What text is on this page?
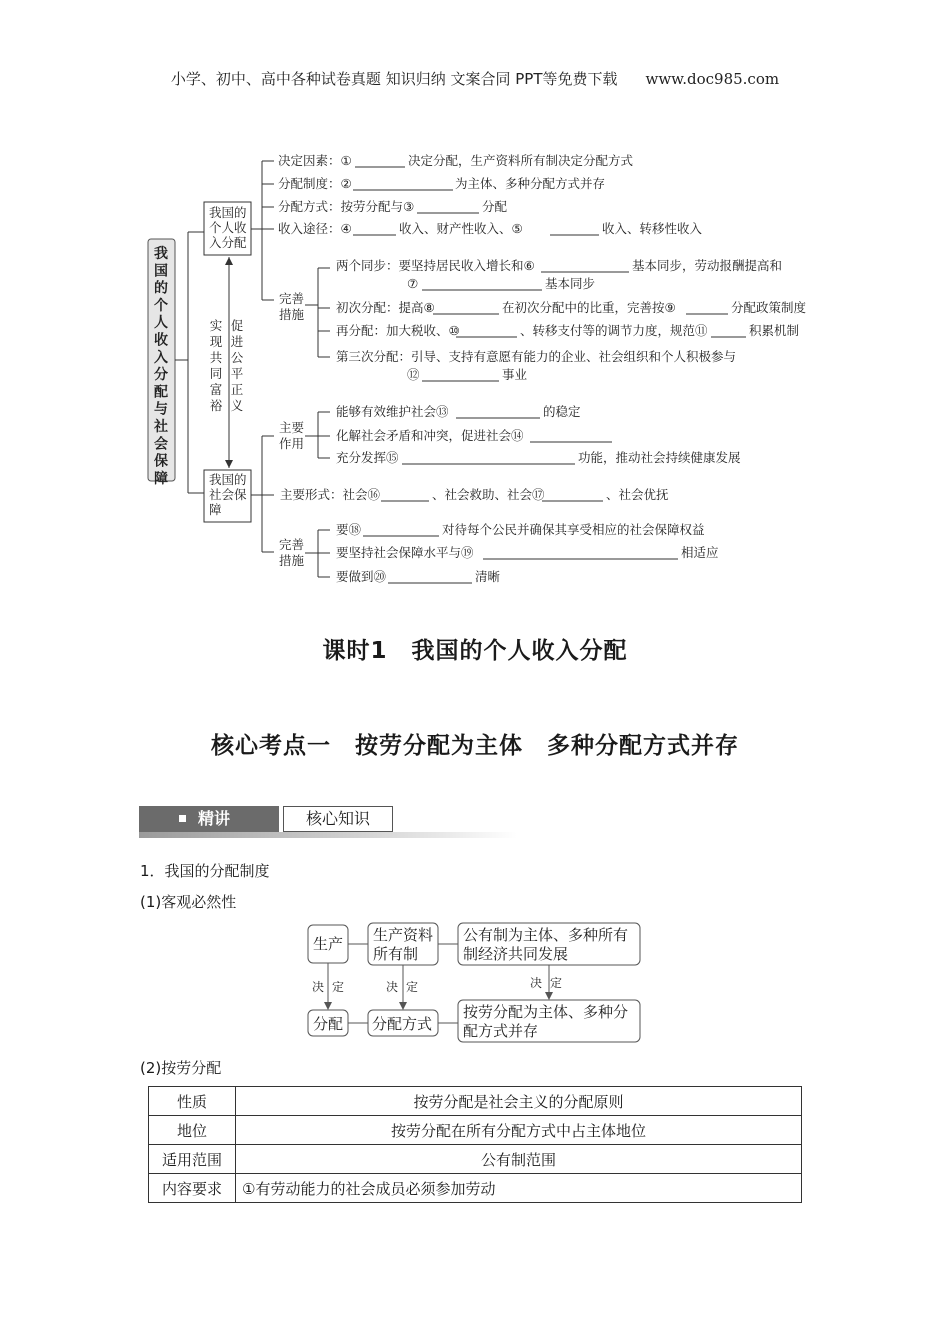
小学、初中、高中各种试卷真题 知识归纳 文案合同 PPT等免费下载 www.doc985.com
我国的个人收入分配与社会保障
我国的个人收入分配
我国的社会保障
实现共同富裕
促进公平正义
决定因素：①	决定分配，生产资料所有制决定分配方式
分配制度：②	为主体、多种分配方式并存
分配方式：按劳分配与③	分配
收入途径：④	收入、财产性收入、⑤	收入、转移性收入
完善措施
两个同步：要坚持居民收入增长和⑥	基本同步，劳动报酬提高和
⑦	基本同步
初次分配：提高⑧	在初次分配中的比重，完善按⑨	分配政策制度
再分配：加大税收、⑩	、转移支付等的调节力度，规范⑪	积累机制
第三次分配：引导、支持有意愿有能力的企业、社会组织和个人积极参与
⑫	事业
主要作用
能够有效维护社会⑬	的稳定
化解社会矛盾和冲突，促进社会⑭
充分发挥⑮	功能，推动社会持续健康发展
主要形式：社会⑯	、社会救助、社会⑰	、社会优抚
完善措施
要⑱	对待每个公民并确保其享受相应的社会保障权益
要坚持社会保障水平与⑲	相适应
要做到⑳	清晰
课时1　我国的个人收入分配
核心考点一　按劳分配为主体　多种分配方式并存
精讲	核心知识
1．我国的分配制度
(1)客观必然性
生产 生产资料
所有制
公有制为主体、多种所有
制经济共同发展
分配 分配方式
按劳分配为主体、多种分
配方式并存
决 定	决 定	决 定
(2)按劳分配
性质	按劳分配是社会主义的分配原则
地位	按劳分配在所有分配方式中占主体地位
适用范围	公有制范围
内容要求	①有劳动能力的社会成员必须参加劳动
